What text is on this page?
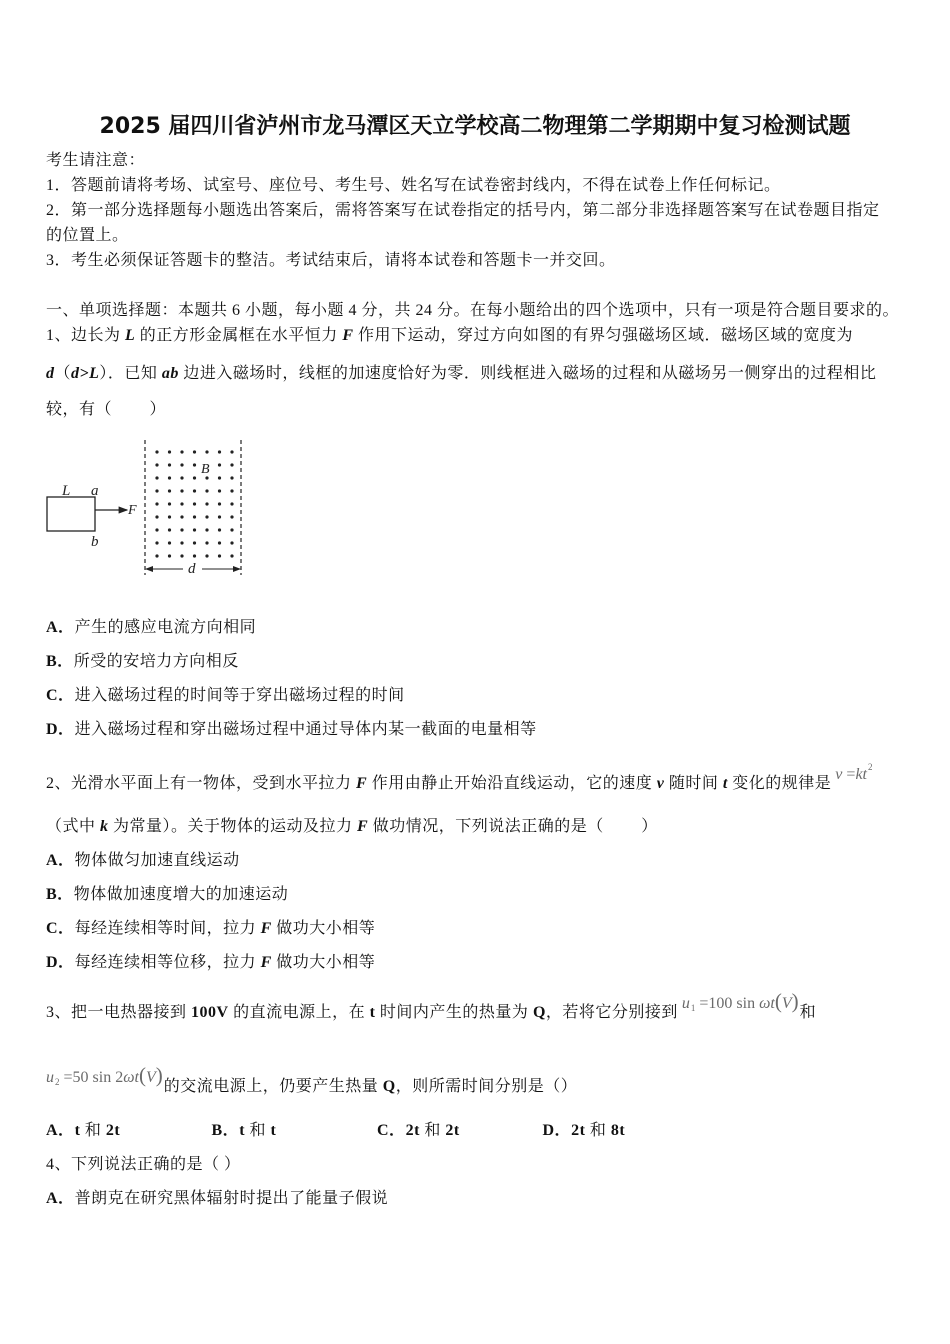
2025 届四川省泸州市龙马潭区天立学校高二物理第二学期期中复习检测试题
考生请注意：
1．答题前请将考场、试室号、座位号、考生号、姓名写在试卷密封线内，不得在试卷上作任何标记。
2．第一部分选择题每小题选出答案后，需将答案写在试卷指定的括号内，第二部分非选择题答案写在试卷题目指定
的位置上。
3．考生必须保证答题卡的整洁。考试结束后，请将本试卷和答题卡一并交回。
一、单项选择题：本题共 6 小题，每小题 4 分，共 24 分。在每小题给出的四个选项中，只有一项是符合题目要求的。
1、边长为 L 的正方形金属框在水平恒力 F 作用下运动，穿过方向如图的有界匀强磁场区域．磁场区域的宽度为
d（d>L）．已知 ab 边进入磁场时，线框的加速度恰好为零．则线框进入磁场的过程和从磁场另一侧穿出的过程相比
较，有（　　 ）
L a
b
F
B
d
A．产生的感应电流方向相同
B．所受的安培力方向相反
C．进入磁场过程的时间等于穿出磁场过程的时间
D．进入磁场过程和穿出磁场过程中通过导体内某一截面的电量相等
2、光滑水平面上有一物体，受到水平拉力 F 作用由静止开始沿直线运动，它的速度 v 随时间 t 变化的规律是$v =kt^2$
（式中 k 为常量）。关于物体的运动及拉力 F 做功情况，下列说法正确的是（　　 ）
A．物体做匀加速直线运动
B．物体做加速度增大的加速运动
C．每经连续相等时间，拉力 F 做功大小相等
D．每经连续相等位移，拉力 F 做功大小相等
3、把一电热器接到 100V 的直流电源上，在 t 时间内产生的热量为 Q，若将它分别接到u1 =100 sin ωt(V)和
u2 =50 sin 2ωt(V)的交流电源上，仍要产生热量 Q，则所需时间分别是（）
A．t 和 2t	B．t 和 t	C．2t 和 2t	D．2t 和 8t
4、下列说法正确的是（ ）
A．普朗克在研究黑体辐射时提出了能量子假说
